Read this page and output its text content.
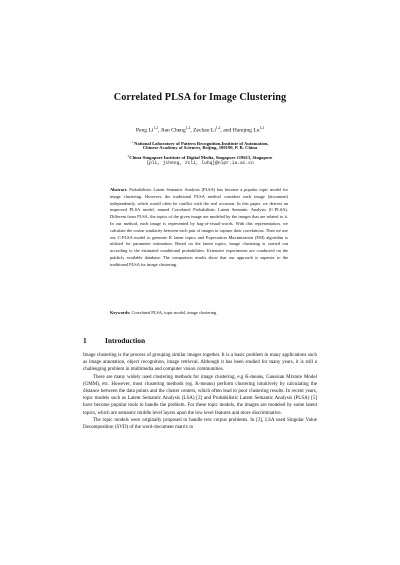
Correlated PLSA for Image Clustering
Peng Li$^{1,2}$, Jian Cheng$^{1,2}$, Zechao Li$^{1,2}$, and Hanqing Lu$^{1,2}$
$^1$ National Laboratory of Pattern Recognition,Institute of Automation,
Chinese Academy of Sciences, Beijing, 100190, P. R. China
$^2$China-Singapore Institute of Digital Media, Singapore 119613, Singapore
{pli, jcheng, zcli, luhq}@nlpr.ia.ac.cn
Abstract. Probabilistic Latent Semantic Analysis (PLSA) has become a popular topic model for image clustering. However, the traditional PLSA method considers each image (document) independently, which would often be conflict with the real occasion. In this paper, we derives an improved PLSA model, named Correlated Probabilistic Latent Semantic Analysis (C-PLSA). Different from PLSA, the topics of the given image are modeled by the images that are related to it. In our method, each image is represented by bag-of-visual-words. With this representation, we calculate the cosine similarity between each pair of images to capture their correlations. Then we use our C-PLSA model to generate K latent topics and Expectation Maximization (EM) algorithm is utilized for parameter estimation. Based on the latent topics, image clustering is carried out according to the estimated conditional probabilities. Extensive experiments are conducted on the publicly available database. The comparison results show that our approach is superior to the traditional PLSA for image clustering.
Keywords: Correlated PLSA, topic model, image clustering
1 Introduction

Image clustering is the process of grouping similar images together. It is a basic problem in many applications such as image annotation, object recognition, image retrieval. Although it has been studied for many years, it is still a challenging problem in multimedia and computer vision communities.

There are many widely used clustering methods for image clustering, e.g K-means, Gaussian Mixture Model (GMM), etc. However, most clustering methods (eg. K-means) perform clustering intuitively by calculating the distance between the data points and the cluster centers, which often lead to poor clustering results. In recent years, topic models such as Latent Semantic Analysis (LSA) [3] and Probabilistic Latent Semantic Analysis (PLSA) [5] have become popular tools to handle the problem. For these topic models, the images are modeled by some latent topics, which are semantic middle level layers upon the low level features and more discriminative.

The topic models were originally proposed to handle text corpus problems. In [3], LSA used Singular Value Decomposition (SVD) of the word-document matrix to
